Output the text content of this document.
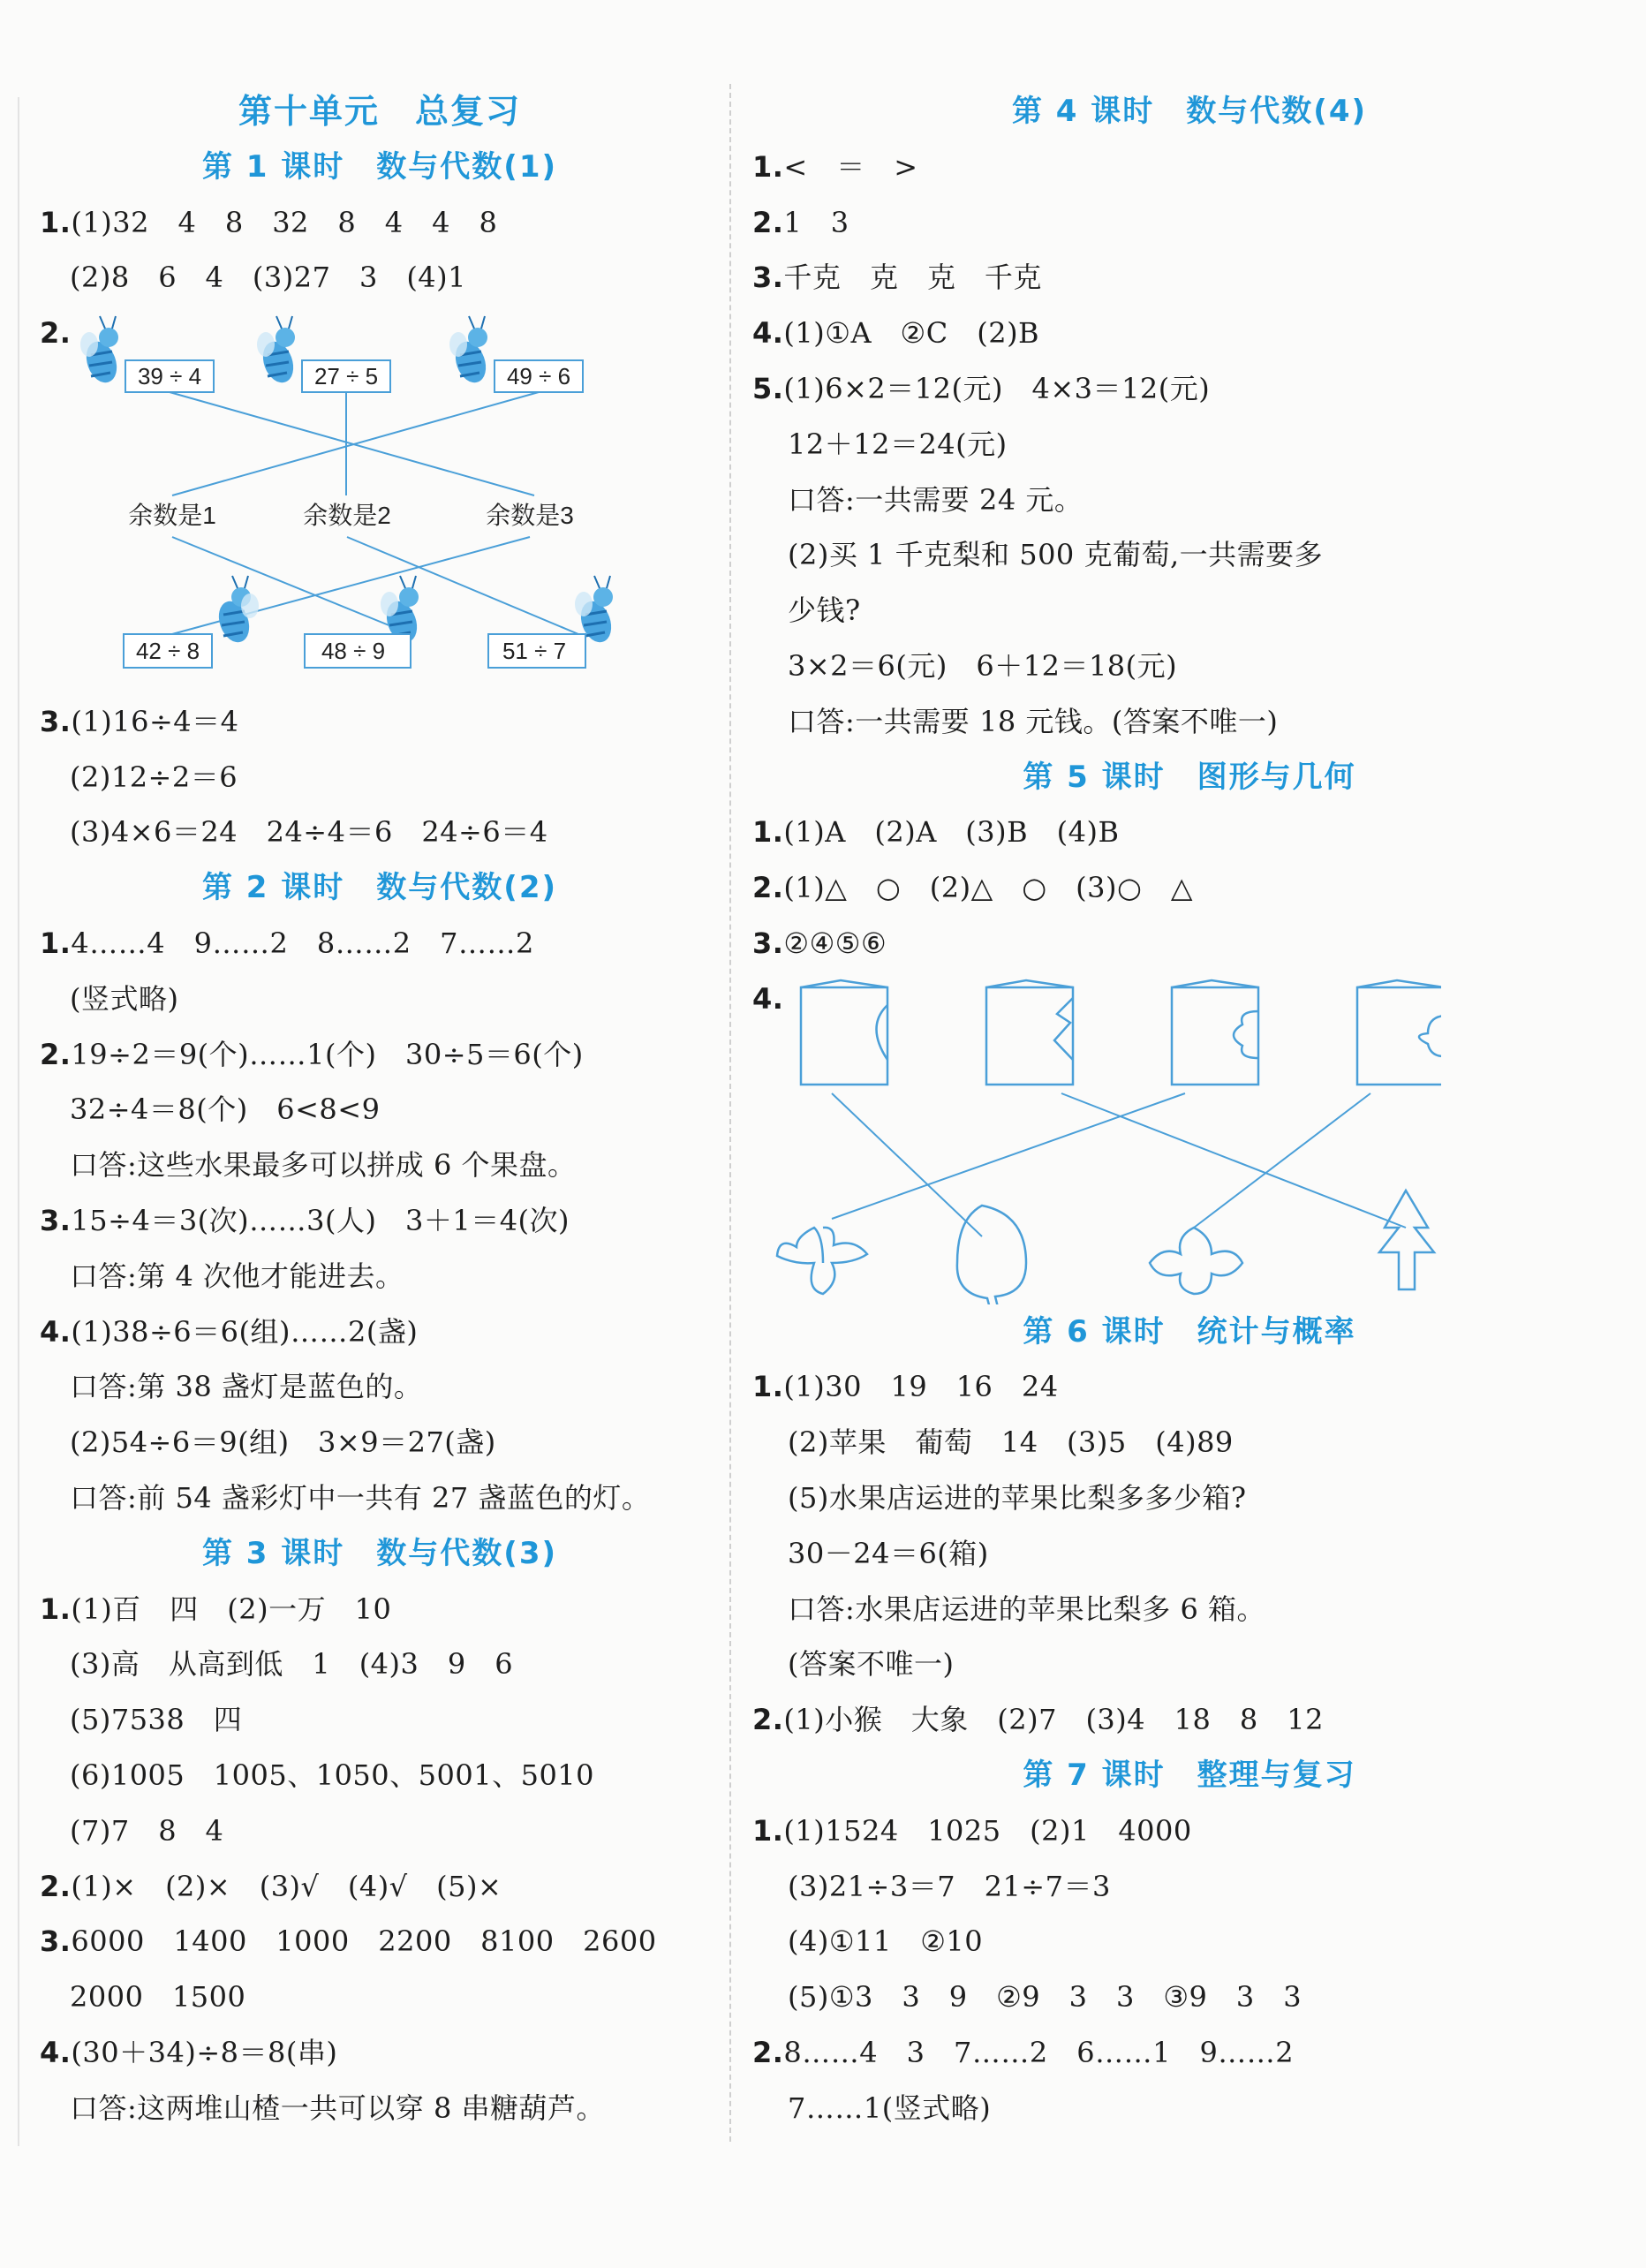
第十单元　总复习
第 1 课时　数与代数(1)
1.(1)32　4　8　32　8　4　4　8
(2)8　6　4　(3)27　3　(4)1
2.
39 ÷ 4	27 ÷ 5	49 ÷ 6
余数是1	余数是2	余数是3
42 ÷ 8	48 ÷ 9	51 ÷ 7
3.(1)16÷4＝4
(2)12÷2＝6
(3)4×6＝24　24÷4＝6　24÷6＝4
第 2 课时　数与代数(2)
1.4……4　9……2　8……2　7……2
(竖式略)
2.19÷2＝9(个)……1(个)　30÷5＝6(个)
32÷4＝8(个)　6<8<9
口答:这些水果最多可以拼成 6 个果盘。
3.15÷4＝3(次)……3(人)　3＋1＝4(次)
口答:第 4 次他才能进去。
4.(1)38÷6＝6(组)……2(盏)
口答:第 38 盏灯是蓝色的。
(2)54÷6＝9(组)　3×9＝27(盏)
口答:前 54 盏彩灯中一共有 27 盏蓝色的灯。
第 3 课时　数与代数(3)
1.(1)百　四　(2)一万　10
(3)高　从高到低　1　(4)3　9　6
(5)7538　四
(6)1005　1005、1050、5001、5010
(7)7　8　4
2.(1)×　(2)×　(3)√　(4)√　(5)×
3.6000　1400　1000　2200　8100　2600
2000　1500
4.(30＋34)÷8＝8(串)
口答:这两堆山楂一共可以穿 8 串糖葫芦。
第 4 课时　数与代数(4)
1.<　＝　>
2.1　3
3.千克　克　克　千克
4.(1)①A　②C　(2)B
5.(1)6×2＝12(元)　4×3＝12(元)
12＋12＝24(元)
口答:一共需要 24 元。
(2)买 1 千克梨和 500 克葡萄,一共需要多
少钱?
3×2＝6(元)　6＋12＝18(元)
口答:一共需要 18 元钱。(答案不唯一)
第 5 课时　图形与几何
1.(1)A　(2)A　(3)B　(4)B
2.(1)△　○　(2)△　○　(3)○　△
3.②④⑤⑥
4.
第 6 课时　统计与概率
1.(1)30　19　16　24
(2)苹果　葡萄　14　(3)5　(4)89
(5)水果店运进的苹果比梨多多少箱?
30－24＝6(箱)
口答:水果店运进的苹果比梨多 6 箱。
(答案不唯一)
2.(1)小猴　大象　(2)7　(3)4　18　8　12
第 7 课时　整理与复习
1.(1)1524　1025　(2)1　4000
(3)21÷3＝7　21÷7＝3
(4)①11　②10
(5)①3　3　9　②9　3　3　③9　3　3
2.8……4　3　7……2　6……1　9……2
7……1(竖式略)
